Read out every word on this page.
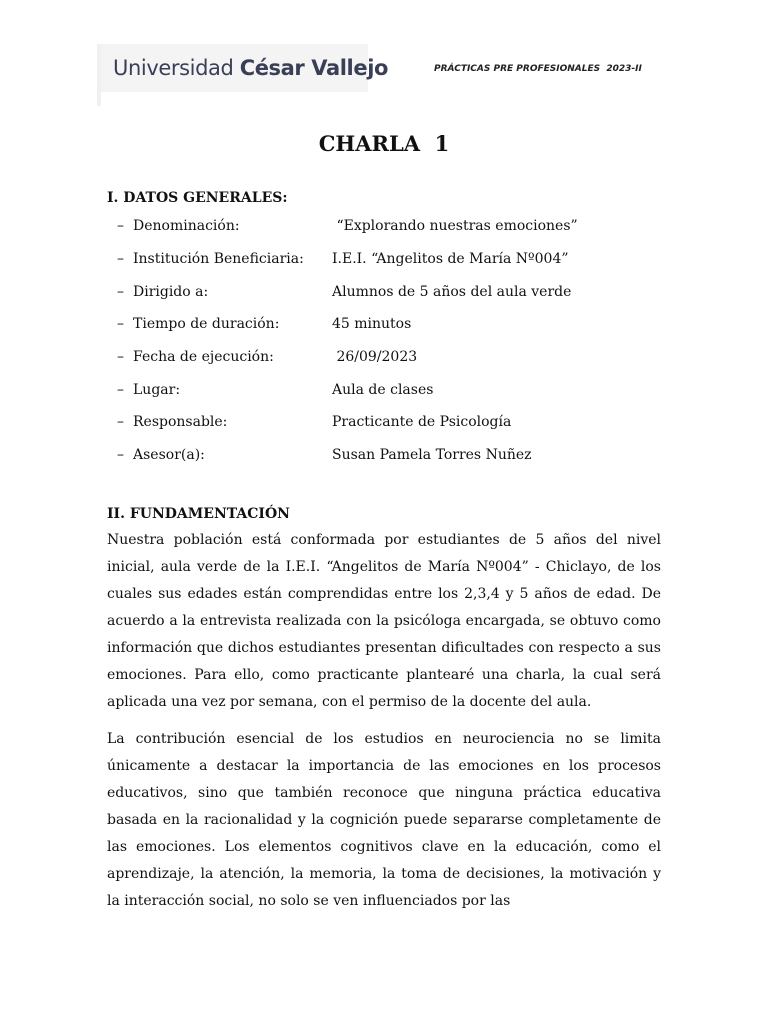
Universidad César Vallejo	PRÁCTICAS PRE PROFESIONALES  2023-II
CHARLA  1
I. DATOS GENERALES:
– Denominación:	“Explorando nuestras emociones”
– Institución Beneficiaria: I.E.I. “Angelitos de María Nº004”
– Dirigido a:	Alumnos de 5 años del aula verde
– Tiempo de duración:	45 minutos
– Fecha de ejecución:	26/09/2023
– Lugar:	Aula de clases
– Responsable:	Practicante de Psicología
– Asesor(a):	Susan Pamela Torres Nuñez
II. FUNDAMENTACIÓN

Nuestra población está conformada por estudiantes de 5 años del nivel inicial, aula verde de la I.E.I. “Angelitos de María Nº004” - Chiclayo, de los cuales sus edades están comprendidas entre los 2,3,4 y 5 años de edad. De acuerdo a la entrevista realizada con la psicóloga encargada, se obtuvo como información que dichos estudiantes presentan dificultades con respecto a sus emociones. Para ello, como practicante plantearé una charla, la cual será aplicada una vez por semana, con el permiso de la docente del aula.

La contribución esencial de los estudios en neurociencia no se limita únicamente a destacar la importancia de las emociones en los procesos educativos, sino que también reconoce que ninguna práctica educativa basada en la racionalidad y la cognición puede separarse completamente de las emociones. Los elementos cognitivos clave en la educación, como el aprendizaje, la atención, la memoria, la toma de decisiones, la motivación y la interacción social, no solo se ven influenciados por las
